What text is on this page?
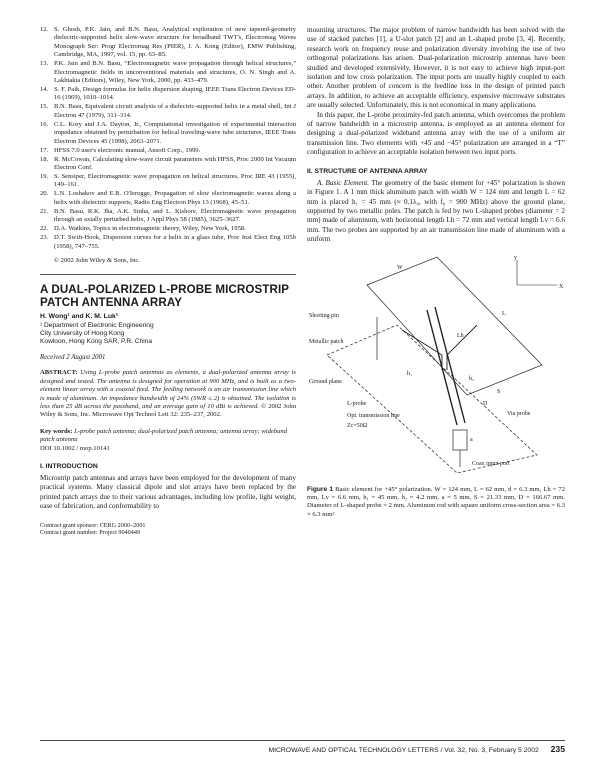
12. S. Ghosh, P.K. Jain, and B.N. Basu, Analytical exploration of new tapered-geometry dielectric-supported helix slow-wave structure for broadband TWT's, Electromag Waves Monograph Ser: Progr Electromag Res (PIER), J. A. Kong (Editor), EMW Publishing, Cambridge, MA, 1997, vol. 15, pp. 63–85.
13. P.K. Jain and B.N. Basu, “Electromagnetic wave propagation through helical structures,” Electromagnetic fields in unconventional materials and structures, O. N. Singh and A. Lakhtakia (Editors), Wiley, New York, 2000, pp. 433–479.
14. S. F. Paik, Design formulas for helix dispersion shaping, IEEE Trans Electron Devices ED-16 (1969), 1010–1014.
15. B.N. Basu, Equivalent circuit analysis of a dielectric-supported helix in a metal shell, Int J Electron 47 (1979), 311–314.
16. C.L. Kory and J.A. Dayton, Jr., Computational investigation of experimental interaction impedance obtained by perturbation for helical traveling-wave tube structures, IEEE Trans Electron Devices 45 (1998), 2063–2071.
17. HFSS 7.0 user's electronic manual, Ansoft Corp., 1999.
18. R. McCowan, Calculating slow-wave circuit parameters with HFSS, Proc 2000 Int Vacuum Electron Conf.
19. S. Sensiper, Electromagnetic wave propagation on helical structures, Proc IRE 43 (1955), 149–161.
20. L.N. Loshakov and E.B. O'Ierogge, Propagation of slow electromagnetic waves along a helix with dielectric supports, Radio Eng Electron Phys 13 (1968), 45–51.
21. B.N. Basu, R.K. Jha, A.K. Sinha, and L. Kishore, Electromagnetic wave propagation through an axially perturbed helix, J Appl Phys 58 (1985), 3625–3627.
22. D.A. Watkins, Topics in electromagnetic theory, Wiley, New York, 1958.
23. D.T. Swift-Hook, Dispersion curves for a helix in a glass tube, Proc Inst Elect Eng 105b (1958), 747–755.
© 2002 John Wiley & Sons, Inc.
A DUAL-POLARIZED L-PROBE MICROSTRIP PATCH ANTENNA ARRAY
H. Wong¹ and K. M. Luk¹
¹ Department of Electronic Engineering
City University of Hong Kong
Kowloon, Hong Kong SAR, P.R. China
Received 2 August 2001
ABSTRACT: Using L-probe patch antennas as elements, a dual-polarized antenna array is designed and tested. The antenna is designed for operation at 900 MHz, and is built as a two-element linear array with a coaxial feed. The feeding network is an air transmission line which is made of aluminum. An impedance bandwidth of 24% (SWR ≤ 2) is obtained. The isolation is less than 25 dB across the passband, and an average gain of 10 dBi is achieved. © 2002 John Wiley & Sons, Inc. Microwave Opt Technol Lett 32: 235–237, 2002.
Key words: L-probe patch antenna; dual-polarized patch antenna; antenna array; wideband patch antenna
DOI 10.1002 / mop.10141
I. INTRODUCTION
Microstrip patch antennas and arrays have been employed for the development of many practical systems. Many classical dipole and slot arrays have been replaced by the printed patch arrays due to their various advantages, including low profile, light weight, ease of fabrication, and conformability to
Contract grant sponsor: CERG 2000–2001
Contract grant number: Project 9040449
mounting structures. The major problem of narrow bandwidth has been solved with the use of stacked patches [1], a U-slot patch [2] and an L-shaped probe [3, 4]. Recently, research work on frequency reuse and polarization diversity involving the use of two orthogonal polarizations has arisen. Dual-polarization microstrip antennas have been studied and developed extensively. However, it is not easy to achieve high input-port isolation and low cross polarization. The input ports are usually highly coupled to each other. Another problem of concern is the feedline loss in the design of printed patch arrays. In addition, to achieve an acceptable efficiency, expensive microwave substrates are usually selected. Unfortunately, this is not economical in many applications.
In this paper, the L-probe proximity-fed patch antenna, which overcomes the problem of narrow bandwidth in a microstrip antenna, is employed as an antenna element for designing a dual-polarized wideband antenna array with the use of a uniform air transmission line. Two elements with +45 and −45° polarization are arranged in a “T” configuration to achieve an acceptable isolation between two input ports.
II. STRUCTURE OF ANTENNA ARRAY
A. Basic Element. The geometry of the basic element for +45° polarization is shown in Figure 1. A 1 mm thick aluminum patch with width W = 124 mm and length L = 62 mm is placed h₁ = 45 mm (≈ 0.1λ₀, with f₀ = 900 MHz) above the ground plane, supported by two metallic poles. The patch is fed by two L-shaped probes (diameter = 2 mm) made of aluminum, with horizontal length Lh = 72 mm and vertical length Lv = 6.6 mm. The two probes are supported by an air transmission line made of aluminum with a uniform
W
L
Shorting pin
Metallic patch
Ground plane
L-probe
Opt. transmission line
Zc=50Ω
Via probe
Coax input port
h₁
h₂
Lh
S
D
a
X
y
Figure 1 Basic element for +45° polarization. W = 124 mm, L = 62 mm, d = 6.3 mm, Lh = 72 mm, Lv = 6.6 mm, h₁ = 45 mm, h₂ = 4.2 mm, a = 5 mm, S = 21.33 mm, D = 166.67 mm. Diameter of L-shaped probe = 2 mm. Aluminum rod with square uniform cross-section area = 6.3 × 6.3 mm²
MICROWAVE AND OPTICAL TECHNOLOGY LETTERS / Vol. 32, No. 3, February 5 2002 235
